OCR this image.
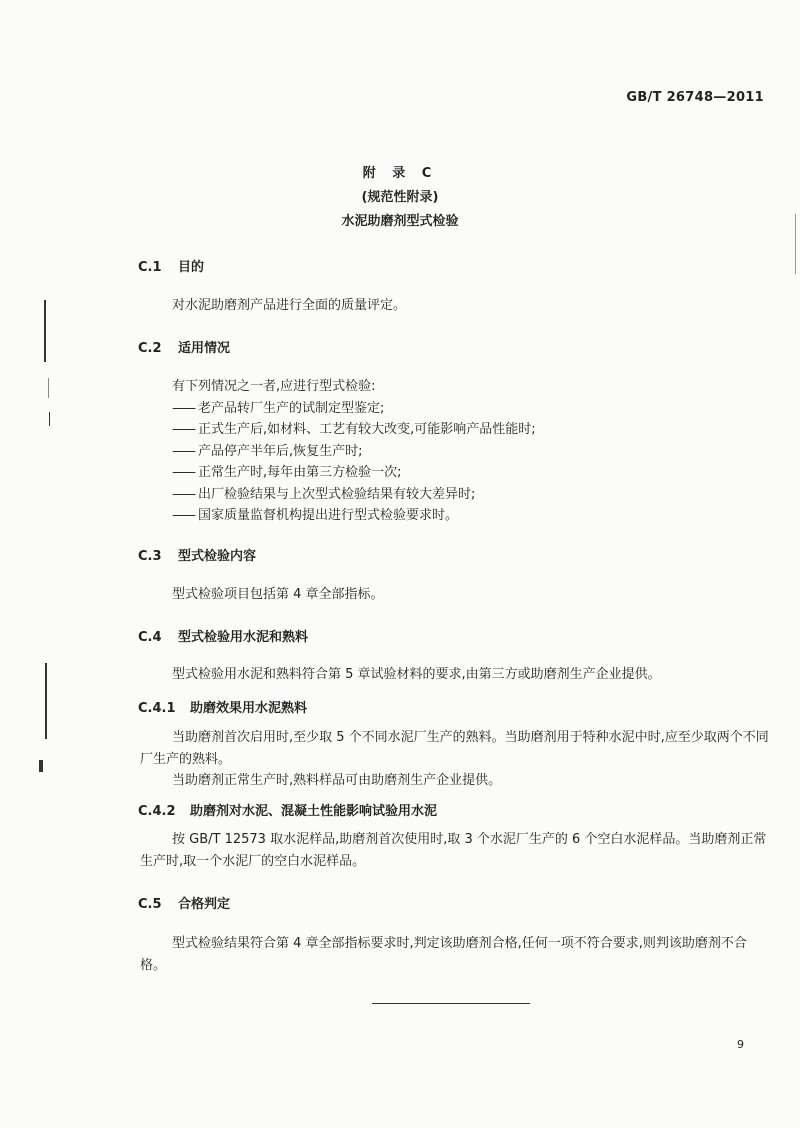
GB/T 26748—2011
附 录 C
(规范性附录)
水泥助磨剂型式检验
C.1 目的
对水泥助磨剂产品进行全面的质量评定。
C.2 适用情况
有下列情况之一者,应进行型式检验:
—— 老产品转厂生产的试制定型鉴定;
—— 正式生产后,如材料、工艺有较大改变,可能影响产品性能时;
—— 产品停产半年后,恢复生产时;
—— 正常生产时,每年由第三方检验一次;
—— 出厂检验结果与上次型式检验结果有较大差异时;
—— 国家质量监督机构提出进行型式检验要求时。
C.3 型式检验内容
型式检验项目包括第 4 章全部指标。
C.4 型式检验用水泥和熟料
型式检验用水泥和熟料符合第 5 章试验材料的要求,由第三方或助磨剂生产企业提供。
C.4.1 助磨效果用水泥熟料
当助磨剂首次启用时,至少取 5 个不同水泥厂生产的熟料。当助磨剂用于特种水泥中时,应至少取两个不同厂生产的熟料。
当助磨剂正常生产时,熟料样品可由助磨剂生产企业提供。
C.4.2 助磨剂对水泥、混凝土性能影响试验用水泥
按 GB/T 12573 取水泥样品,助磨剂首次使用时,取 3 个水泥厂生产的 6 个空白水泥样品。当助磨剂正常生产时,取一个水泥厂的空白水泥样品。
C.5 合格判定
型式检验结果符合第 4 章全部指标要求时,判定该助磨剂合格,任何一项不符合要求,则判该助磨剂不合格。
9
